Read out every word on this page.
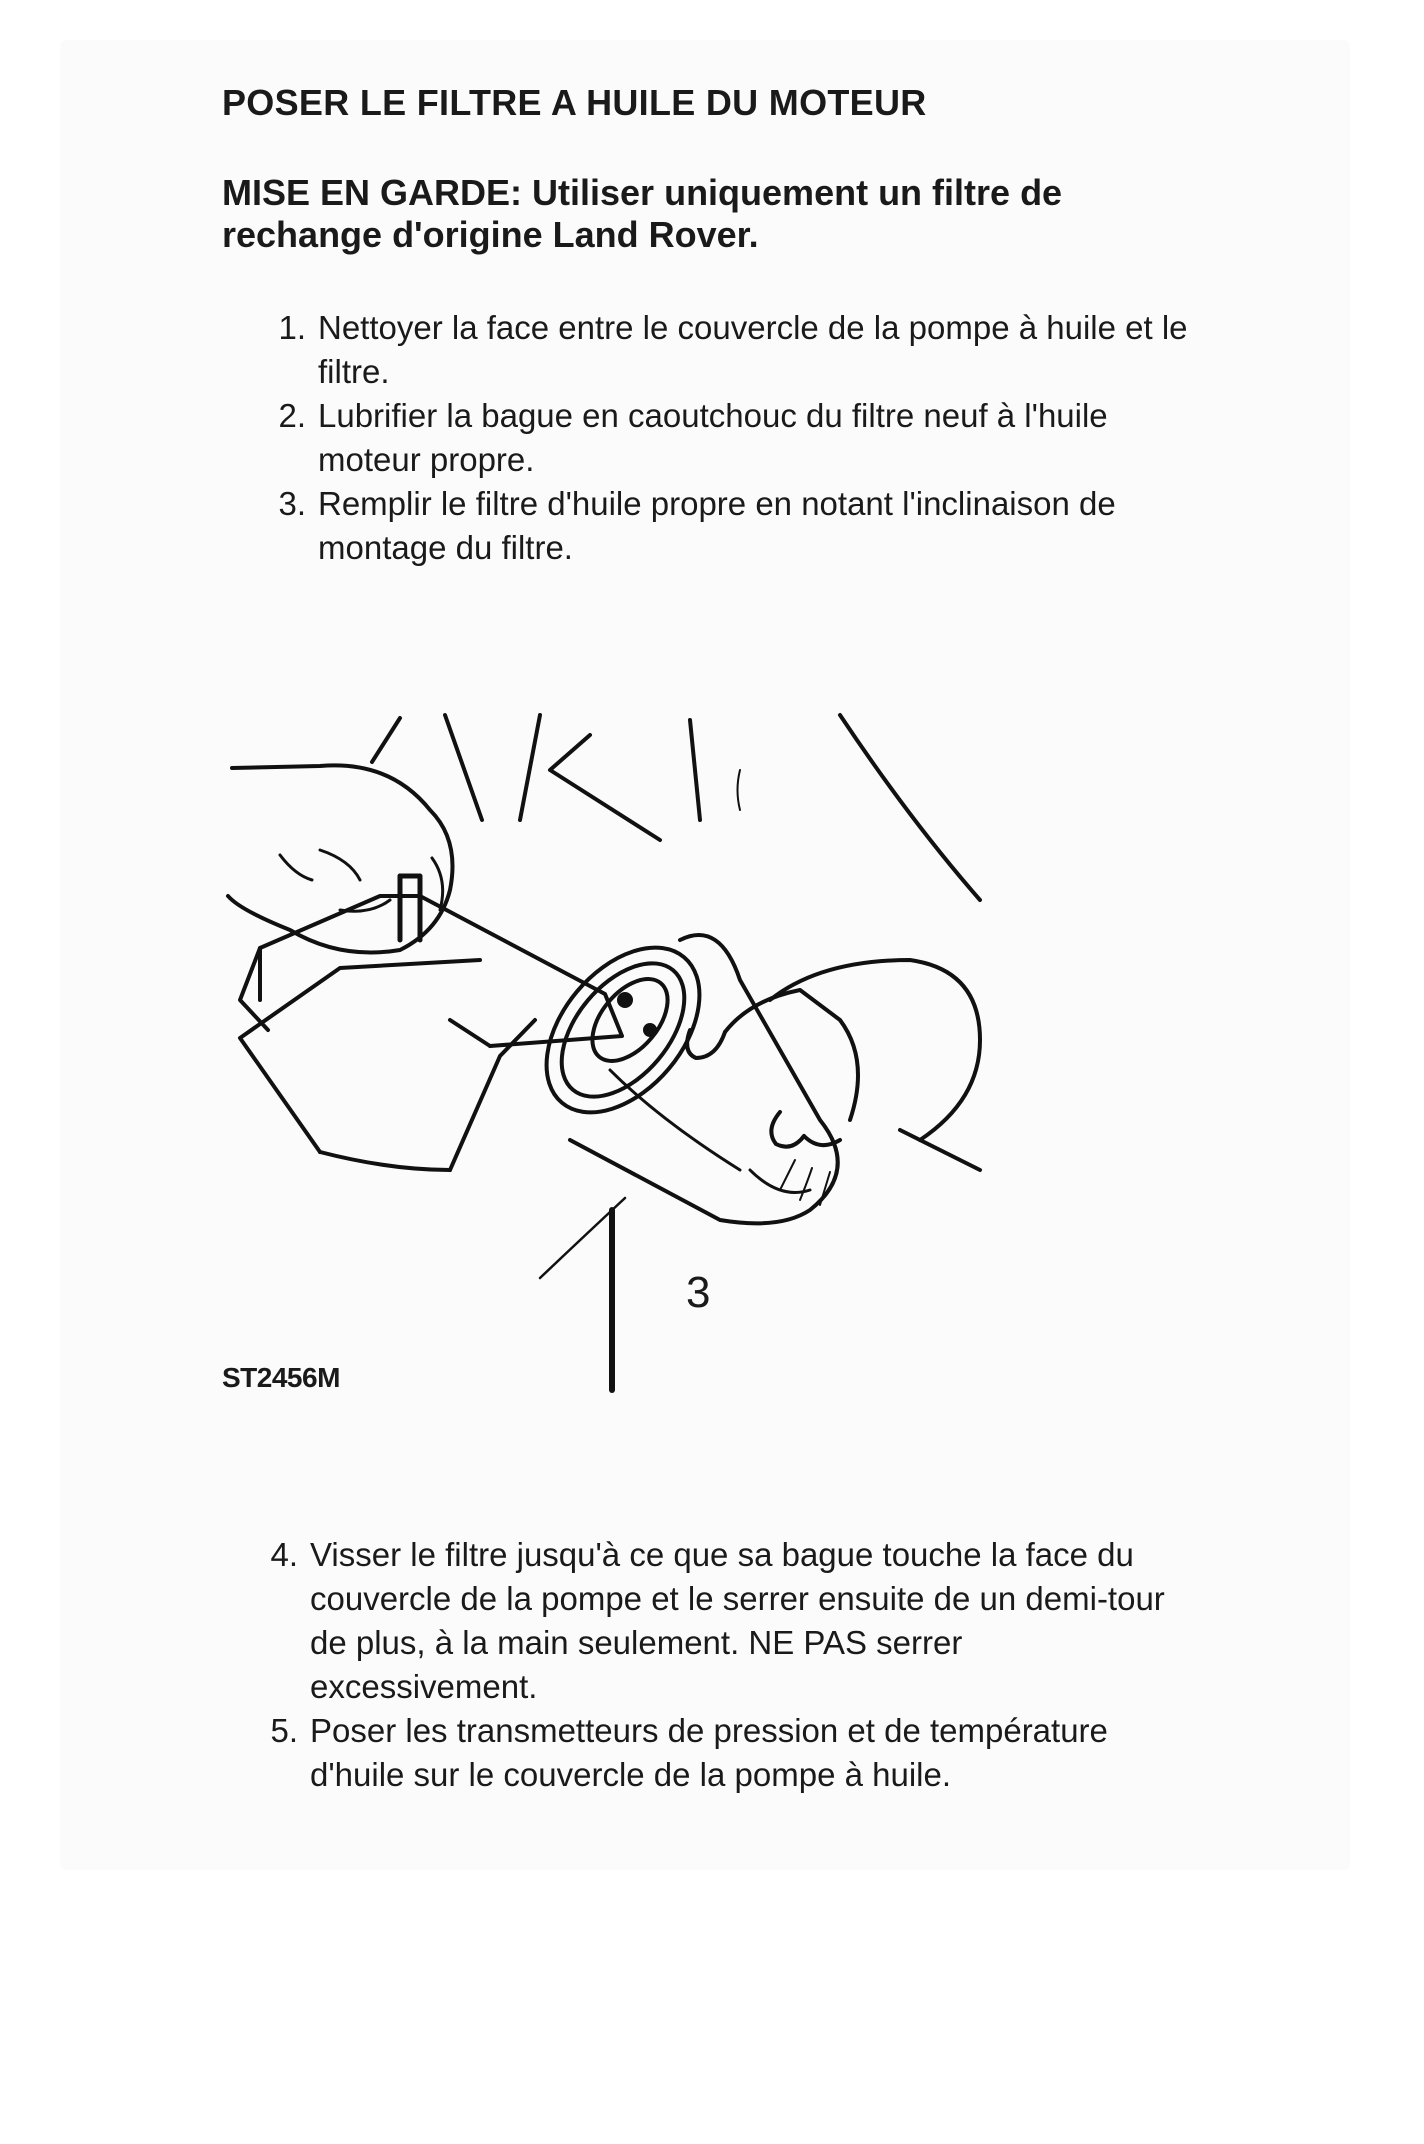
POSER LE FILTRE A HUILE DU MOTEUR

MISE EN GARDE: Utiliser uniquement un filtre de rechange d'origine Land Rover.

1. Nettoyer la face entre le couvercle de la pompe à huile et le filtre.
2. Lubrifier la bague en caoutchouc du filtre neuf à l'huile moteur propre.
3. Remplir le filtre d'huile propre en notant l'inclinaison de montage du filtre.
3
ST2456M
4. Visser le filtre jusqu'à ce que sa bague touche la face du couvercle de la pompe et le serrer ensuite de un demi-tour de plus, à la main seulement. NE PAS serrer excessivement.
5. Poser les transmetteurs de pression et de température d'huile sur le couvercle de la pompe à huile.
